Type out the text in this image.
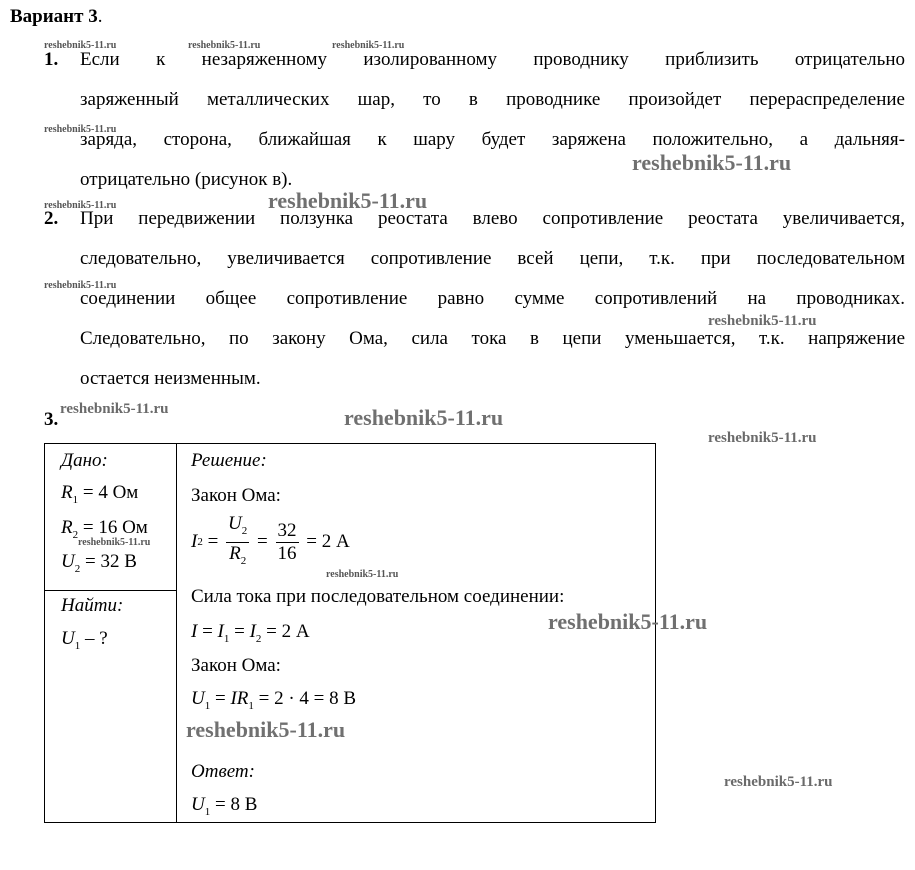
Вариант 3.
1. Если к незаряженному изолированному проводнику приблизить отрицательно
заряженный металлических шар, то в проводнике произойдет перераспределение
заряда, сторона, ближайшая к шару будет заряжена положительно, а дальняя-
отрицательно (рисунок в).
2. При передвижении ползунка реостата влево сопротивление реостата увеличивается,
следовательно, увеличивается сопротивление всей цепи, т.к. при последовательном
соединении общее сопротивление равно сумме сопротивлений на проводниках.
Следовательно, по закону Ома, сила тока в цепи уменьшается, т.к. напряжение
остается неизменным.
3.
Дано:
$R_1 = 4$ Ом
$R_2 = 16$ Ом
$U_2 = 32$ В
Найти:
$U_1$ – ?
Решение:
Закон Ома:
I $2 = \frac{U_2}{R_2} = \frac{32}{16} = 2$ А
Сила тока при последовательном соединении:
$I = I_1 = I_2 = 2$ А
Закон Ома:
$U_1 = IR_1 = 2 \cdot 4 = 8$ В
Ответ:
$U_1 = 8$ В
reshebnik5-11.ru	reshebnik5-11.ru	reshebnik5-11.ru
reshebnik5-11.ru
reshebnik5-11.ru
reshebnik5-11.ru	reshebnik5-11.ru
reshebnik5-11.ru
reshebnik5-11.ru
reshebnik5-11.ru	reshebnik5-11.ru
reshebnik5-11.ru
reshebnik5-11.ru
reshebnik5-11.ru
reshebnik5-11.ru
reshebnik5-11.ru
reshebnik5-11.ru
